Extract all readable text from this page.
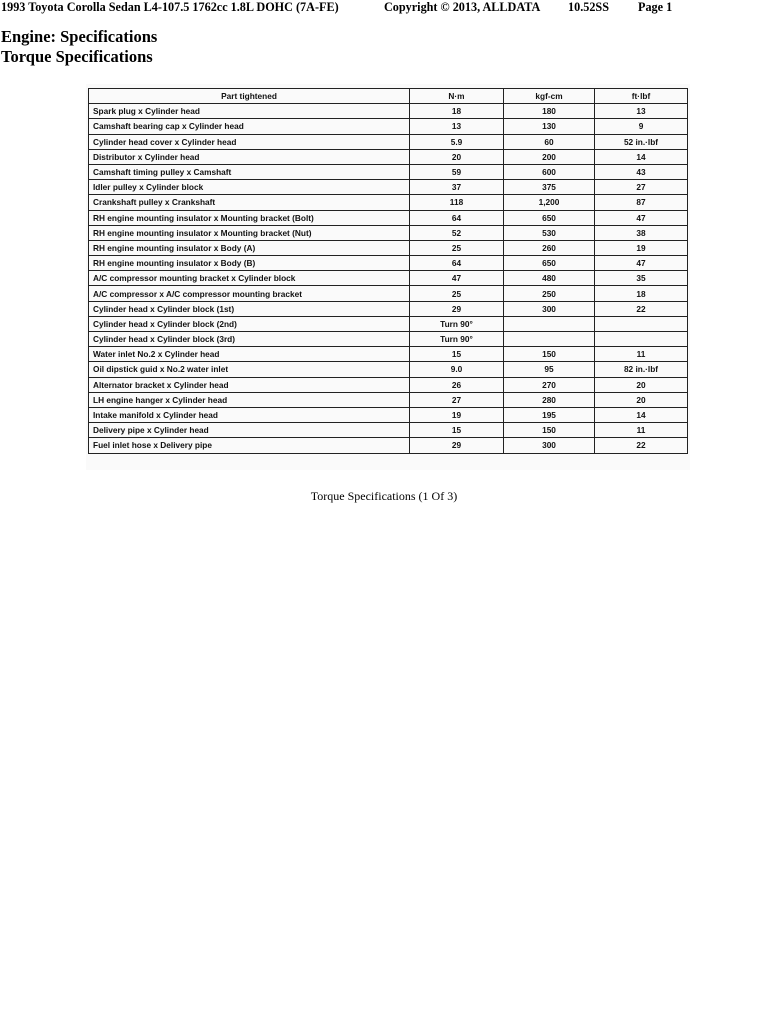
1993 Toyota Corolla Sedan L4-107.5 1762cc 1.8L DOHC (7A-FE)	Copyright © 2013, ALLDATA 10.52SS Page 1
Engine: Specifications
Torque Specifications
Part tightened	N·m	kgf-cm	ft·lbf
Spark plug x Cylinder head	18	180	13
Camshaft bearing cap x Cylinder head	13	130	9
Cylinder head cover x Cylinder head	5.9	60	52 in.·lbf
Distributor x Cylinder head	20	200	14
Camshaft timing pulley x Camshaft	59	600	43
Idler pulley x Cylinder block	37	375	27
Crankshaft pulley x Crankshaft	118	1,200	87
RH engine mounting insulator x Mounting bracket (Bolt)	64	650	47
RH engine mounting insulator x Mounting bracket (Nut)	52	530	38
RH engine mounting insulator x Body (A)	25	260	19
RH engine mounting insulator x Body (B)	64	650	47
A/C compressor mounting bracket x Cylinder block	47	480	35
A/C compressor x A/C compressor mounting bracket	25	250	18
Cylinder head x Cylinder block (1st)	29	300	22
Cylinder head x Cylinder block (2nd)	Turn 90°		
Cylinder head x Cylinder block (3rd)	Turn 90°		
Water inlet No.2 x Cylinder head	15	150	11
Oil dipstick guid x No.2 water inlet	9.0	95	82 in.·lbf
Alternator bracket x Cylinder head	26	270	20
LH engine hanger x Cylinder head	27	280	20
Intake manifold x Cylinder head	19	195	14
Delivery pipe x Cylinder head	15	150	11
Fuel inlet hose x Delivery pipe	29	300	22
Torque Specifications (1 Of 3)
